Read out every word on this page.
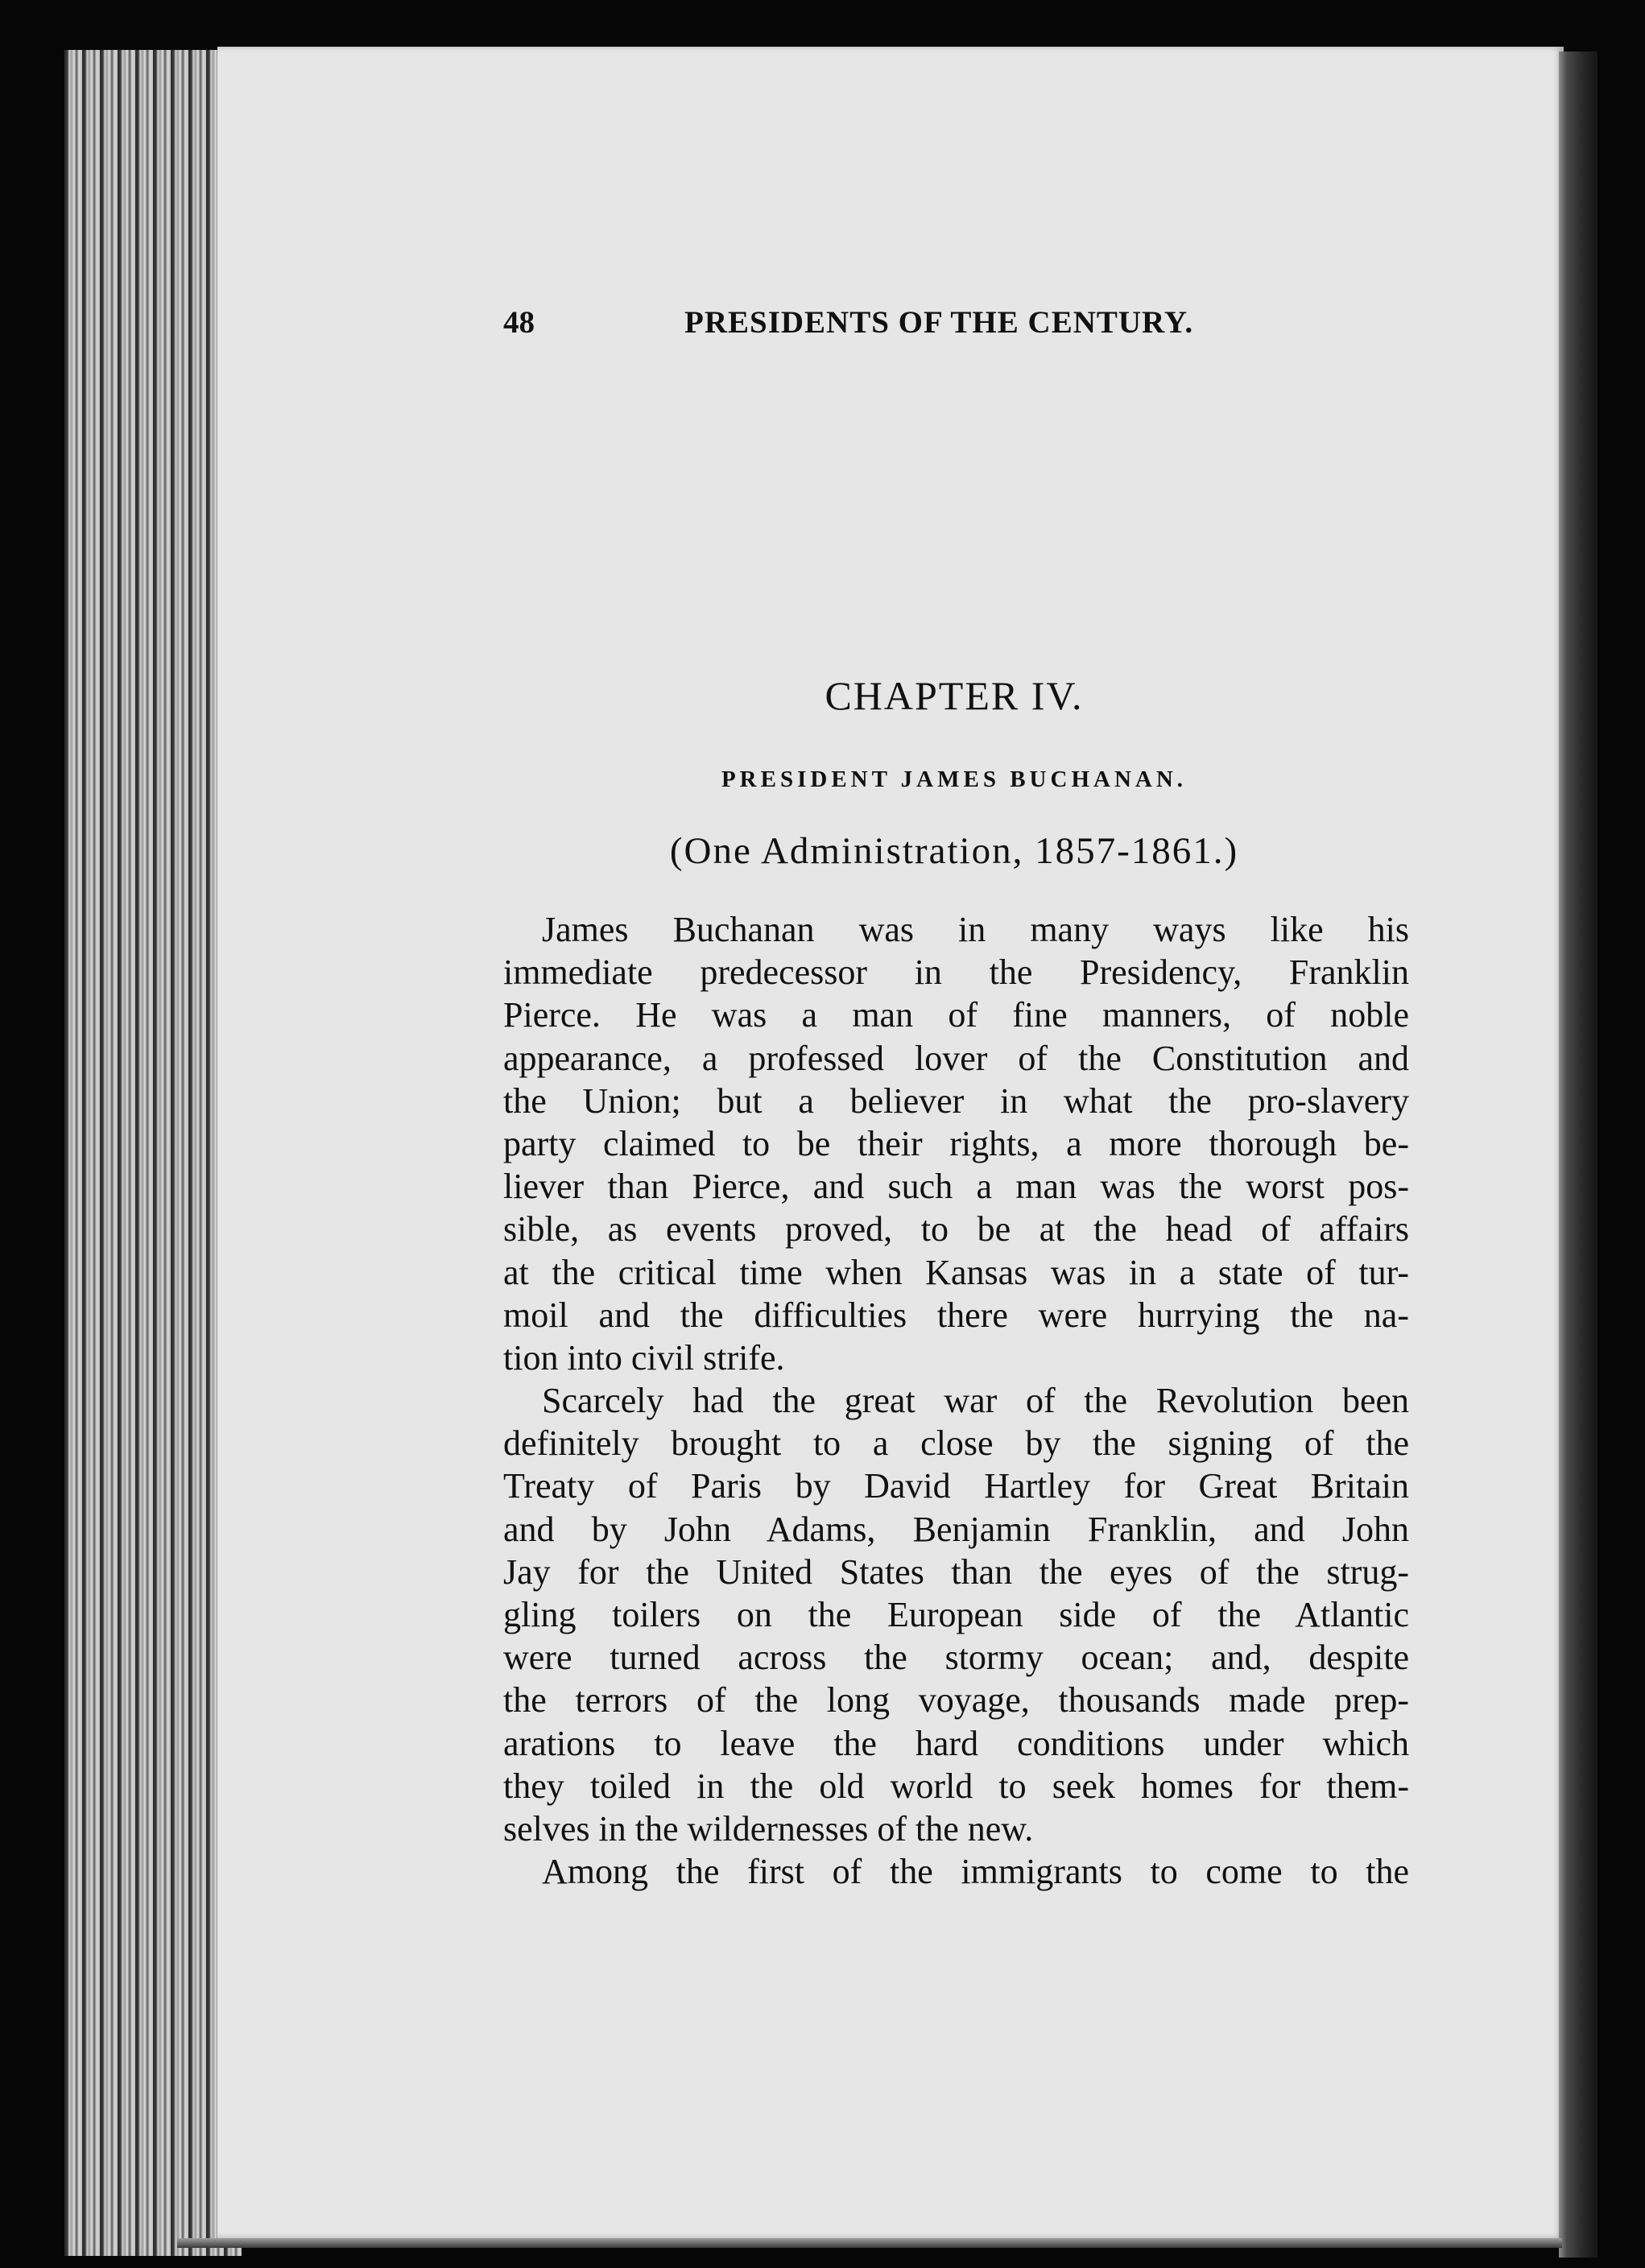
48	PRESIDENTS OF THE CENTURY.
CHAPTER IV.
PRESIDENT JAMES BUCHANAN.
(One Administration, 1857-1861.)
James Buchanan was in many ways like his
immediate predecessor in the Presidency, Franklin
Pierce. He was a man of fine manners, of noble
appearance, a professed lover of the Constitution and
the Union; but a believer in what the pro-slavery
party claimed to be their rights, a more thorough be-
liever than Pierce, and such a man was the worst pos-
sible, as events proved, to be at the head of affairs
at the critical time when Kansas was in a state of tur-
moil and the difficulties there were hurrying the na-
tion into civil strife.
Scarcely had the great war of the Revolution been
definitely brought to a close by the signing of the
Treaty of Paris by David Hartley for Great Britain
and by John Adams, Benjamin Franklin, and John
Jay for the United States than the eyes of the strug-
gling toilers on the European side of the Atlantic
were turned across the stormy ocean; and, despite
the terrors of the long voyage, thousands made prep-
arations to leave the hard conditions under which
they toiled in the old world to seek homes for them-
selves in the wildernesses of the new.
Among the first of the immigrants to come to the
